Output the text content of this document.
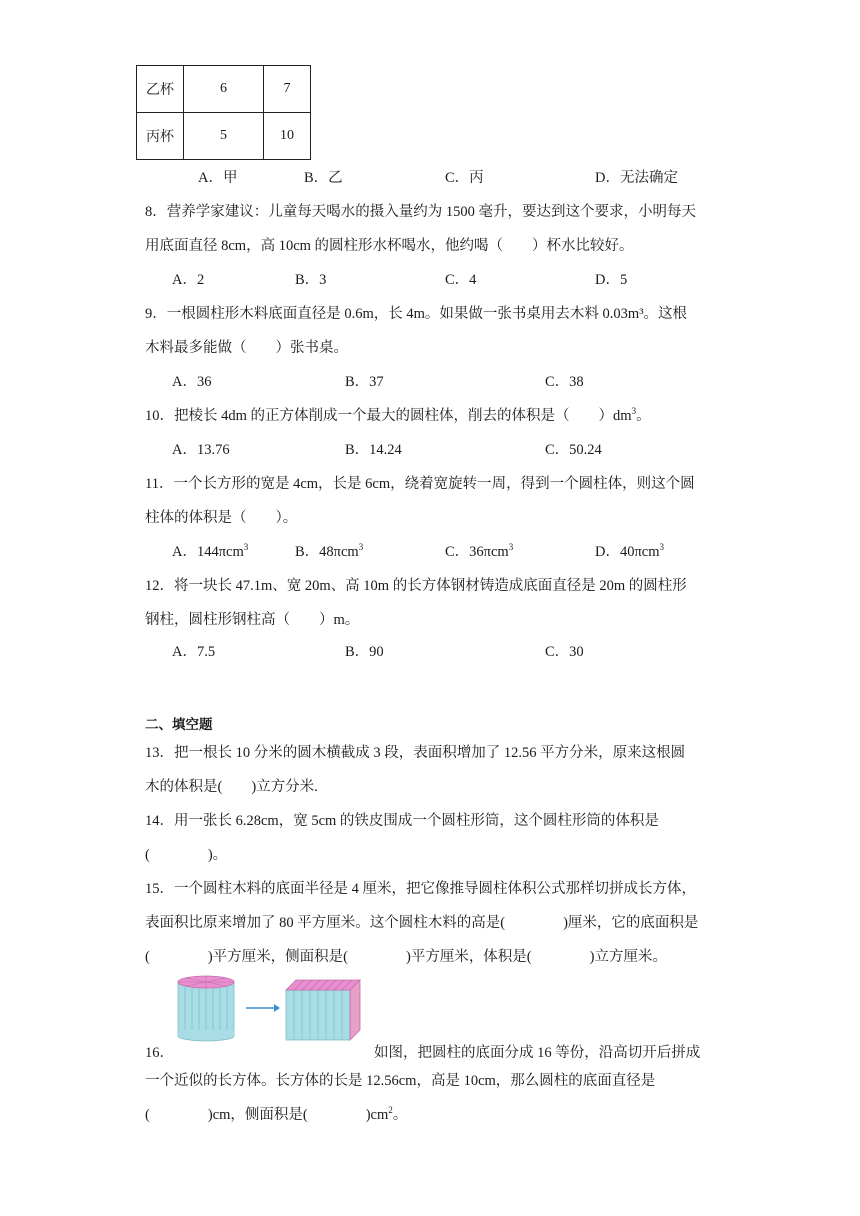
乙杯	6	7
丙杯	5	10
A．甲	B．乙	C．丙	D．无法确定
8．营养学家建议：儿童每天喝水的摄入量约为 1500 毫升，要达到这个要求，小明每天
用底面直径 8cm，高 10cm 的圆柱形水杯喝水，他约喝（　　）杯水比较好。
A．2	B．3	C．4	D．5
9．一根圆柱形木料底面直径是 0.6m，长 4m。如果做一张书桌用去木料 0.03m³。这根
木料最多能做（　　）张书桌。
A．36	B．37	C．38
10．把棱长 4dm 的正方体削成一个最大的圆柱体，削去的体积是（　　）$dm^3$。
A．13.76	B．14.24	C．50.24
11．一个长方形的宽是 4cm，长是 6cm，绕着宽旋转一周，得到一个圆柱体，则这个圆
柱体的体积是（　　）。
A．144πcm$^3$	B．48πcm$^3$	C．36πcm$^3$	D．40πcm$^3$
12．将一块长 47.1m、宽 20m、高 10m 的长方体钢材铸造成底面直径是 20m 的圆柱形
钢柱，圆柱形钢柱高（　　）m。
A．7.5	B．90	C．30
二、填空题
13．把一根长 10 分米的圆木横截成 3 段，表面积增加了 12.56 平方分米，原来这根圆
木的体积是(　　)立方分米.
14．用一张长 6.28cm，宽 5cm 的铁皮围成一个圆柱形筒，这个圆柱形筒的体积是
(　　　　)。
15．一个圆柱木料的底面半径是 4 厘米，把它像推导圆柱体积公式那样切拼成长方体，
表面积比原来增加了 80 平方厘米。这个圆柱木料的高是(　　　　)厘米，它的底面积是
(　　　　)平方厘米，侧面积是(　　　　)平方厘米，体积是(　　　　)立方厘米。
16．	如图，把圆柱的底面分成 16 等份，沿高切开后拼成
一个近似的长方体。长方体的长是 12.56cm，高是 10cm，那么圆柱的底面直径是
(　　　　)cm，侧面积是(　　　　)$cm^2$。
